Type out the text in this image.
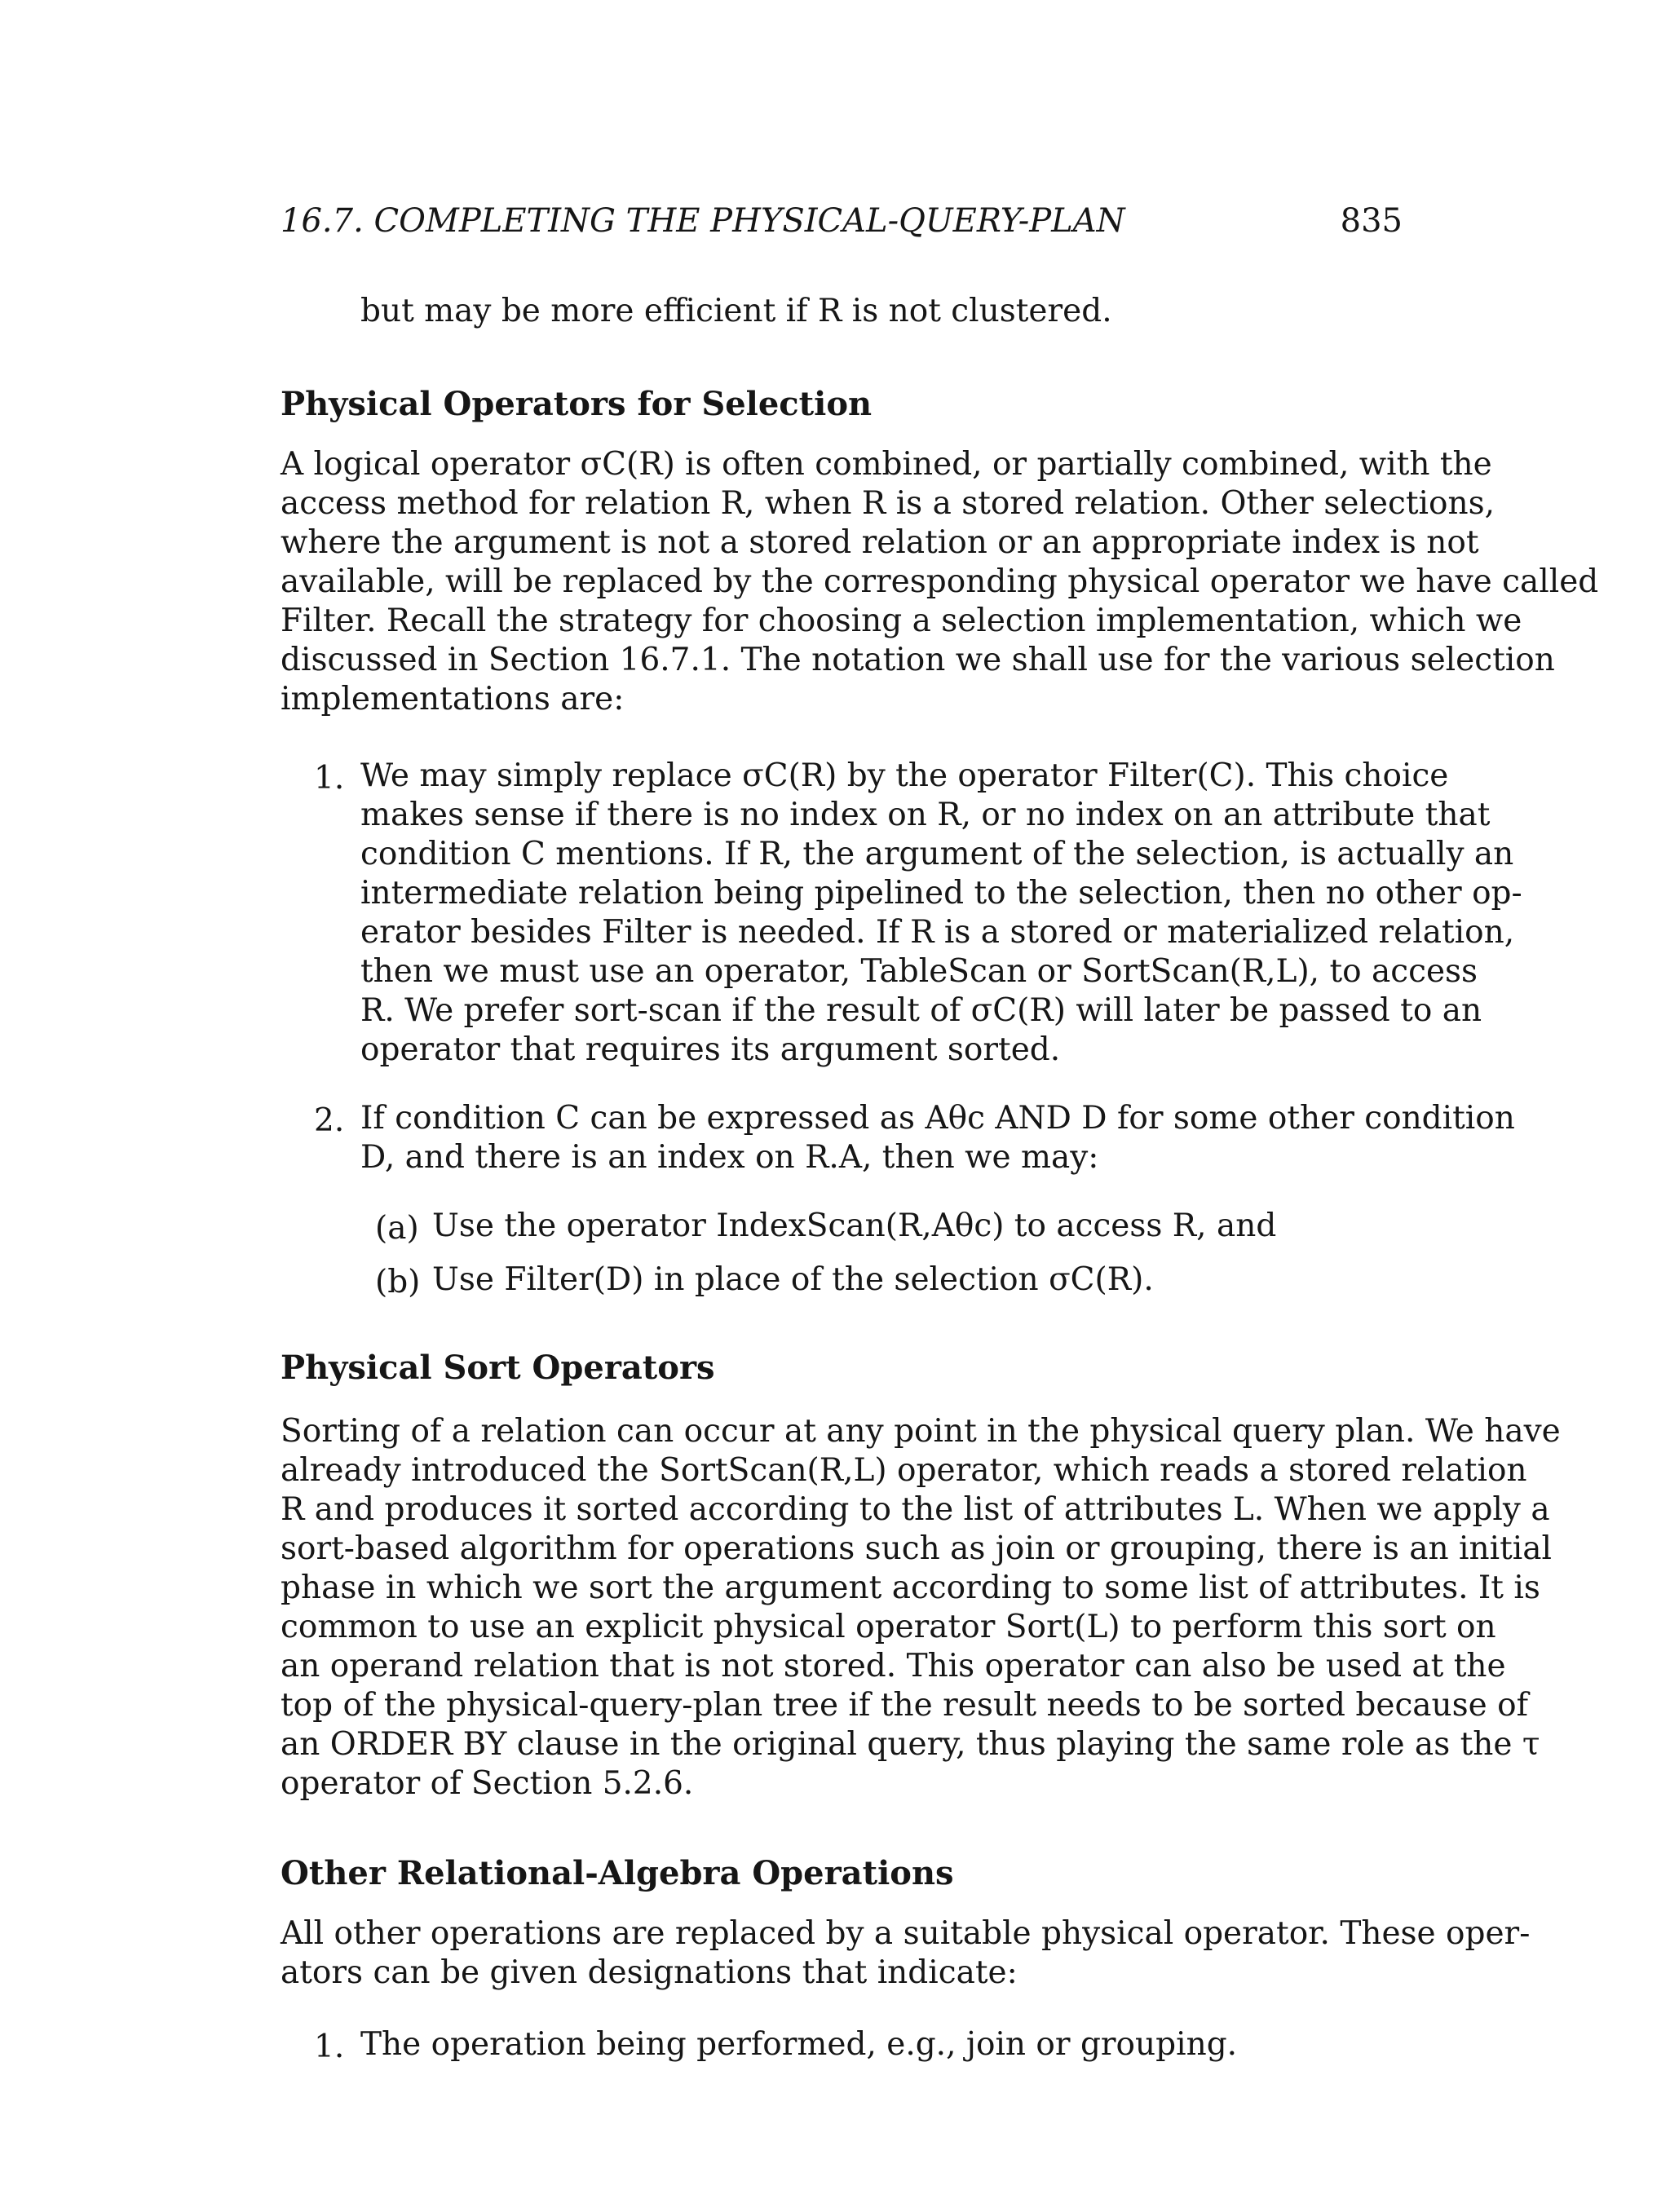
16.7. COMPLETING THE PHYSICAL-QUERY-PLAN	835
but may be more efficient if R is not clustered.
Physical Operators for Selection
A logical operator σC(R) is often combined, or partially combined, with the
access method for relation R, when R is a stored relation. Other selections,
where the argument is not a stored relation or an appropriate index is not
available, will be replaced by the corresponding physical operator we have called
Filter. Recall the strategy for choosing a selection implementation, which we
discussed in Section 16.7.1. The notation we shall use for the various selection
implementations are:
1. We may simply replace σC(R) by the operator Filter(C). This choice
makes sense if there is no index on R, or no index on an attribute that
condition C mentions. If R, the argument of the selection, is actually an
intermediate relation being pipelined to the selection, then no other op-
erator besides Filter is needed. If R is a stored or materialized relation,
then we must use an operator, TableScan or SortScan(R,L), to access
R. We prefer sort-scan if the result of σC(R) will later be passed to an
operator that requires its argument sorted.
2. If condition C can be expressed as Aθc AND D for some other condition
D, and there is an index on R.A, then we may:
(a) Use the operator IndexScan(R,Aθc) to access R, and
(b) Use Filter(D) in place of the selection σC(R).
Physical Sort Operators
Sorting of a relation can occur at any point in the physical query plan. We have
already introduced the SortScan(R,L) operator, which reads a stored relation
R and produces it sorted according to the list of attributes L. When we apply a
sort-based algorithm for operations such as join or grouping, there is an initial
phase in which we sort the argument according to some list of attributes. It is
common to use an explicit physical operator Sort(L) to perform this sort on
an operand relation that is not stored. This operator can also be used at the
top of the physical-query-plan tree if the result needs to be sorted because of
an ORDER BY clause in the original query, thus playing the same role as the τ
operator of Section 5.2.6.
Other Relational-Algebra Operations
All other operations are replaced by a suitable physical operator. These oper-
ators can be given designations that indicate:
1. The operation being performed, e.g., join or grouping.
